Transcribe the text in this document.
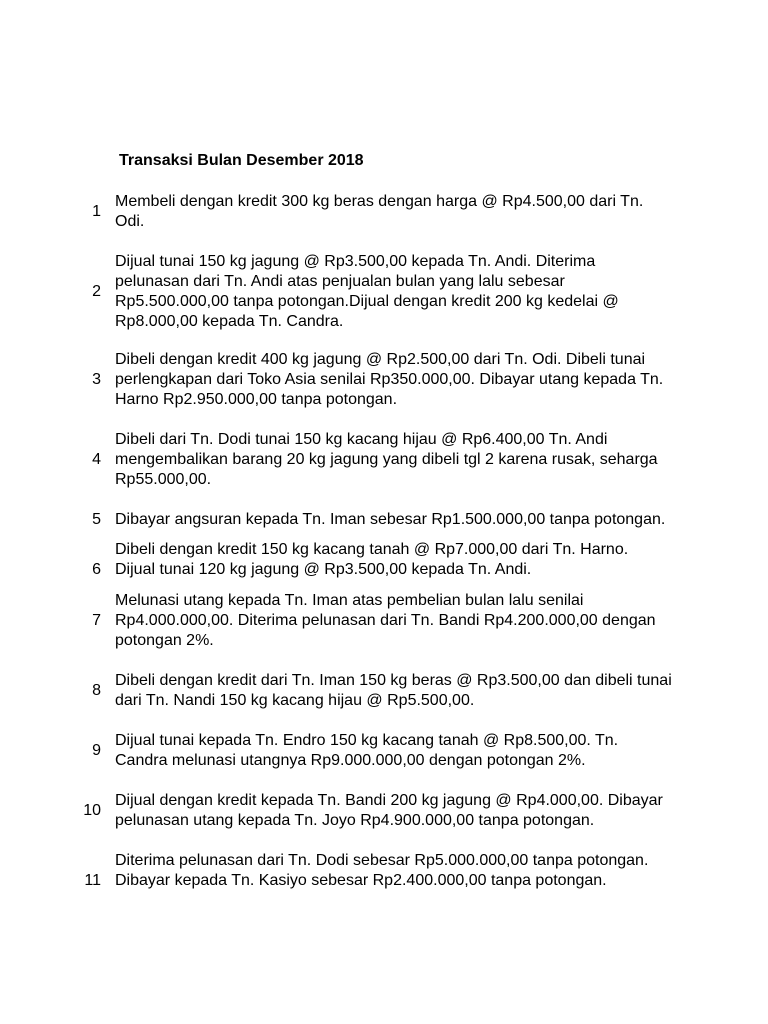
Transaksi Bulan Desember 2018
1
Membeli dengan kredit 300 kg beras dengan harga @ Rp4.500,00 dari Tn.
Odi.
2
Dijual tunai 150 kg jagung @ Rp3.500,00 kepada Tn. Andi. Diterima
pelunasan dari Tn. Andi atas penjualan bulan yang lalu sebesar
Rp5.500.000,00 tanpa potongan.Dijual dengan kredit 200 kg kedelai @
Rp8.000,00 kepada Tn. Candra.
3
Dibeli dengan kredit 400 kg jagung @ Rp2.500,00 dari Tn. Odi. Dibeli tunai
perlengkapan dari Toko Asia senilai Rp350.000,00. Dibayar utang kepada Tn.
Harno Rp2.950.000,00 tanpa potongan.
4
Dibeli dari Tn. Dodi tunai 150 kg kacang hijau @ Rp6.400,00 Tn. Andi
mengembalikan barang 20 kg jagung yang dibeli tgl 2 karena rusak, seharga
Rp55.000,00.
5 Dibayar angsuran kepada Tn. Iman sebesar Rp1.500.000,00 tanpa potongan.
6
Dibeli dengan kredit 150 kg kacang tanah @ Rp7.000,00 dari Tn. Harno.
Dijual tunai 120 kg jagung @ Rp3.500,00 kepada Tn. Andi.
7
Melunasi utang kepada Tn. Iman atas pembelian bulan lalu senilai
Rp4.000.000,00. Diterima pelunasan dari Tn. Bandi Rp4.200.000,00 dengan
potongan 2%.
8
Dibeli dengan kredit dari Tn. Iman 150 kg beras @ Rp3.500,00 dan dibeli tunai
dari Tn. Nandi 150 kg kacang hijau @ Rp5.500,00.
9
Dijual tunai kepada Tn. Endro 150 kg kacang tanah @ Rp8.500,00. Tn.
Candra melunasi utangnya Rp9.000.000,00 dengan potongan 2%.
10
Dijual dengan kredit kepada Tn. Bandi 200 kg jagung @ Rp4.000,00. Dibayar
pelunasan utang kepada Tn. Joyo Rp4.900.000,00 tanpa potongan.
11
Diterima pelunasan dari Tn. Dodi sebesar Rp5.000.000,00 tanpa potongan.
Dibayar kepada Tn. Kasiyo sebesar Rp2.400.000,00 tanpa potongan.
